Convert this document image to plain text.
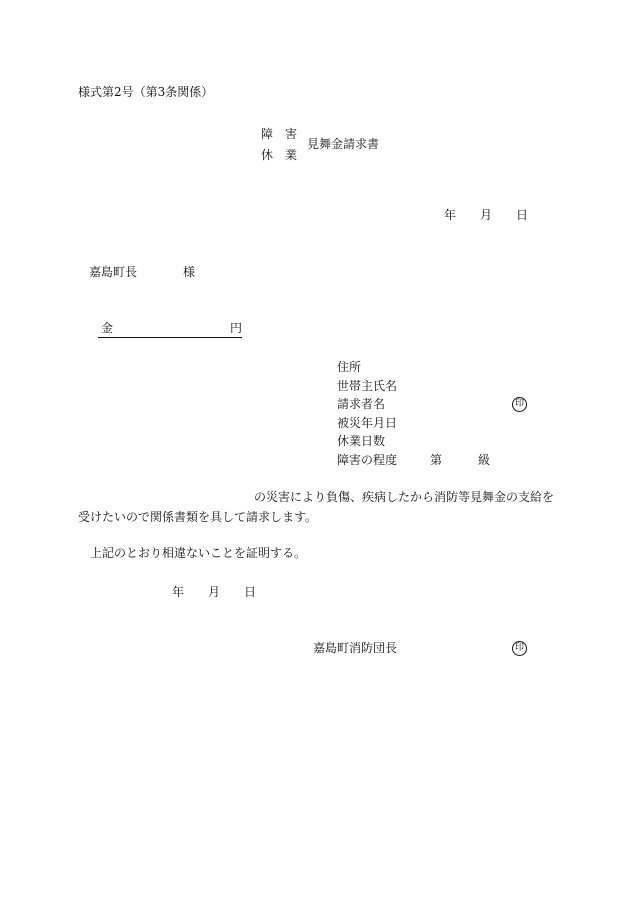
様式第2号（第3条関係）
障　害
休　業
見舞金請求書
年 月 日
嘉島町長	様
金	円
住所
世帯主氏名
請求者名	印
被災年月日
休業日数
障害の程度	第	級
の災害により負傷、疾病したから消防等見舞金の支給を
受けたいので関係書類を具して請求します。
上記のとおり相違ないことを証明する。
年 月 日
嘉島町消防団長	印
